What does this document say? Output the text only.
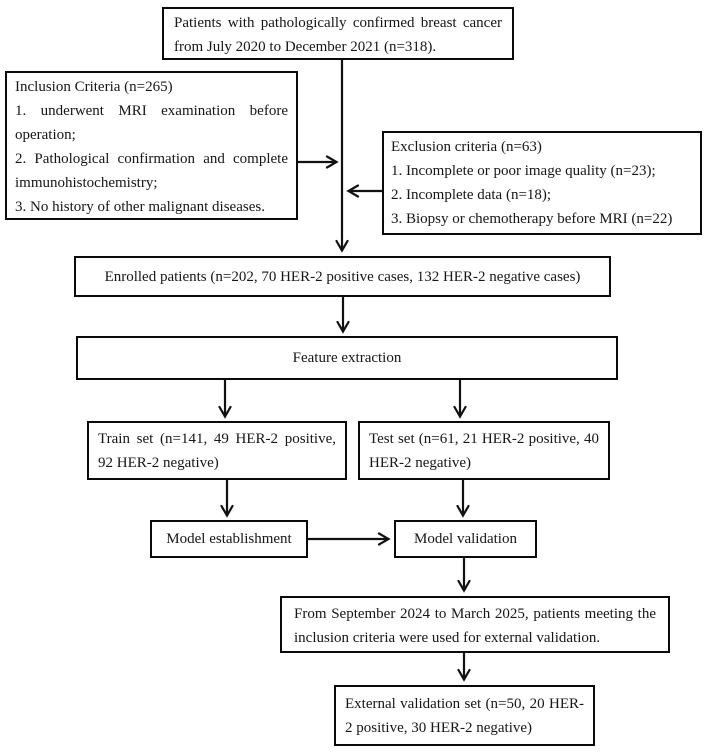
Patients with pathologically confirmed breast cancer from July 2020 to December 2021 (n=318).

Inclusion Criteria (n=265)

1. underwent MRI examination before operation;

2. Pathological confirmation and complete immunohistochemistry;

3. No history of other malignant diseases.

Exclusion criteria (n=63)

1. Incomplete or poor image quality (n=23);

2. Incomplete data (n=18);

3. Biopsy or chemotherapy before MRI (n=22)

Enrolled patients (n=202, 70 HER-2 positive cases, 132 HER-2 negative cases)

Feature extraction

Train set (n=141, 49 HER-2 positive, 92 HER-2 negative)

Test set (n=61, 21 HER-2 positive, 40 HER-2 negative)

Model establishment	Model validation

From September 2024 to March 2025, patients meeting the inclusion criteria were used for external validation.

External validation set (n=50, 20 HER-2 positive, 30 HER-2 negative)
